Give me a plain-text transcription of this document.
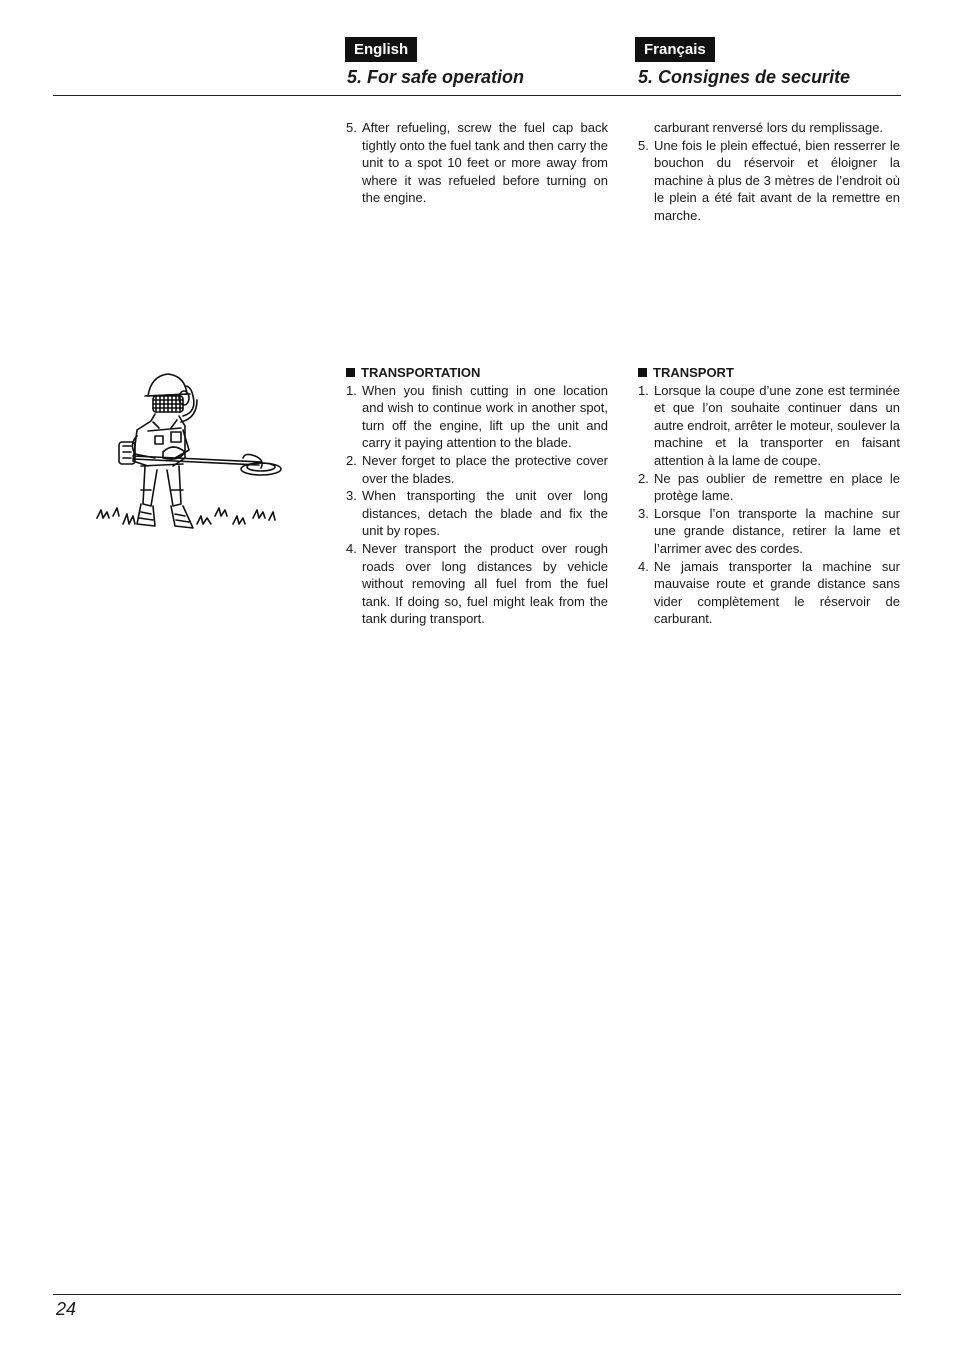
English	Français
5. For safe operation	5. Consignes de securite
5. After refueling, screw the fuel cap back tightly onto the fuel tank and then carry the unit to a spot 10 feet or more away from where it was refueled before turning on the engine.

carburant renversé lors du remplissage.

5. Une fois le plein effectué, bien resserrer le bouchon du réservoir et éloigner la machine à plus de 3 mètres de l’endroit où le plein a été fait avant de la remettre en marche.
TRANSPORTATION
1. When you finish cutting in one location and wish to continue work in another spot, turn off the engine, lift up the unit and carry it paying attention to the blade.
2. Never forget to place the protective cover over the blades.
3. When transporting the unit over long distances, detach the blade and fix the unit by ropes.
4. Never transport the product over rough roads over long distances by vehicle without removing all fuel from the fuel tank. If doing so, fuel might leak from the tank during transport.
TRANSPORT
1. Lorsque la coupe d’une zone est terminée et que l’on souhaite continuer dans un autre endroit, arrêter le moteur, soulever la machine et la transporter en faisant attention à la lame de coupe.
2. Ne pas oublier de remettre en place le protège lame.
3. Lorsque l’on transporte la machine sur une grande distance, retirer la lame et l’arrimer avec des cordes.
4. Ne jamais transporter la machine sur mauvaise route et grande distance sans vider complètement le réservoir de carburant.
24
